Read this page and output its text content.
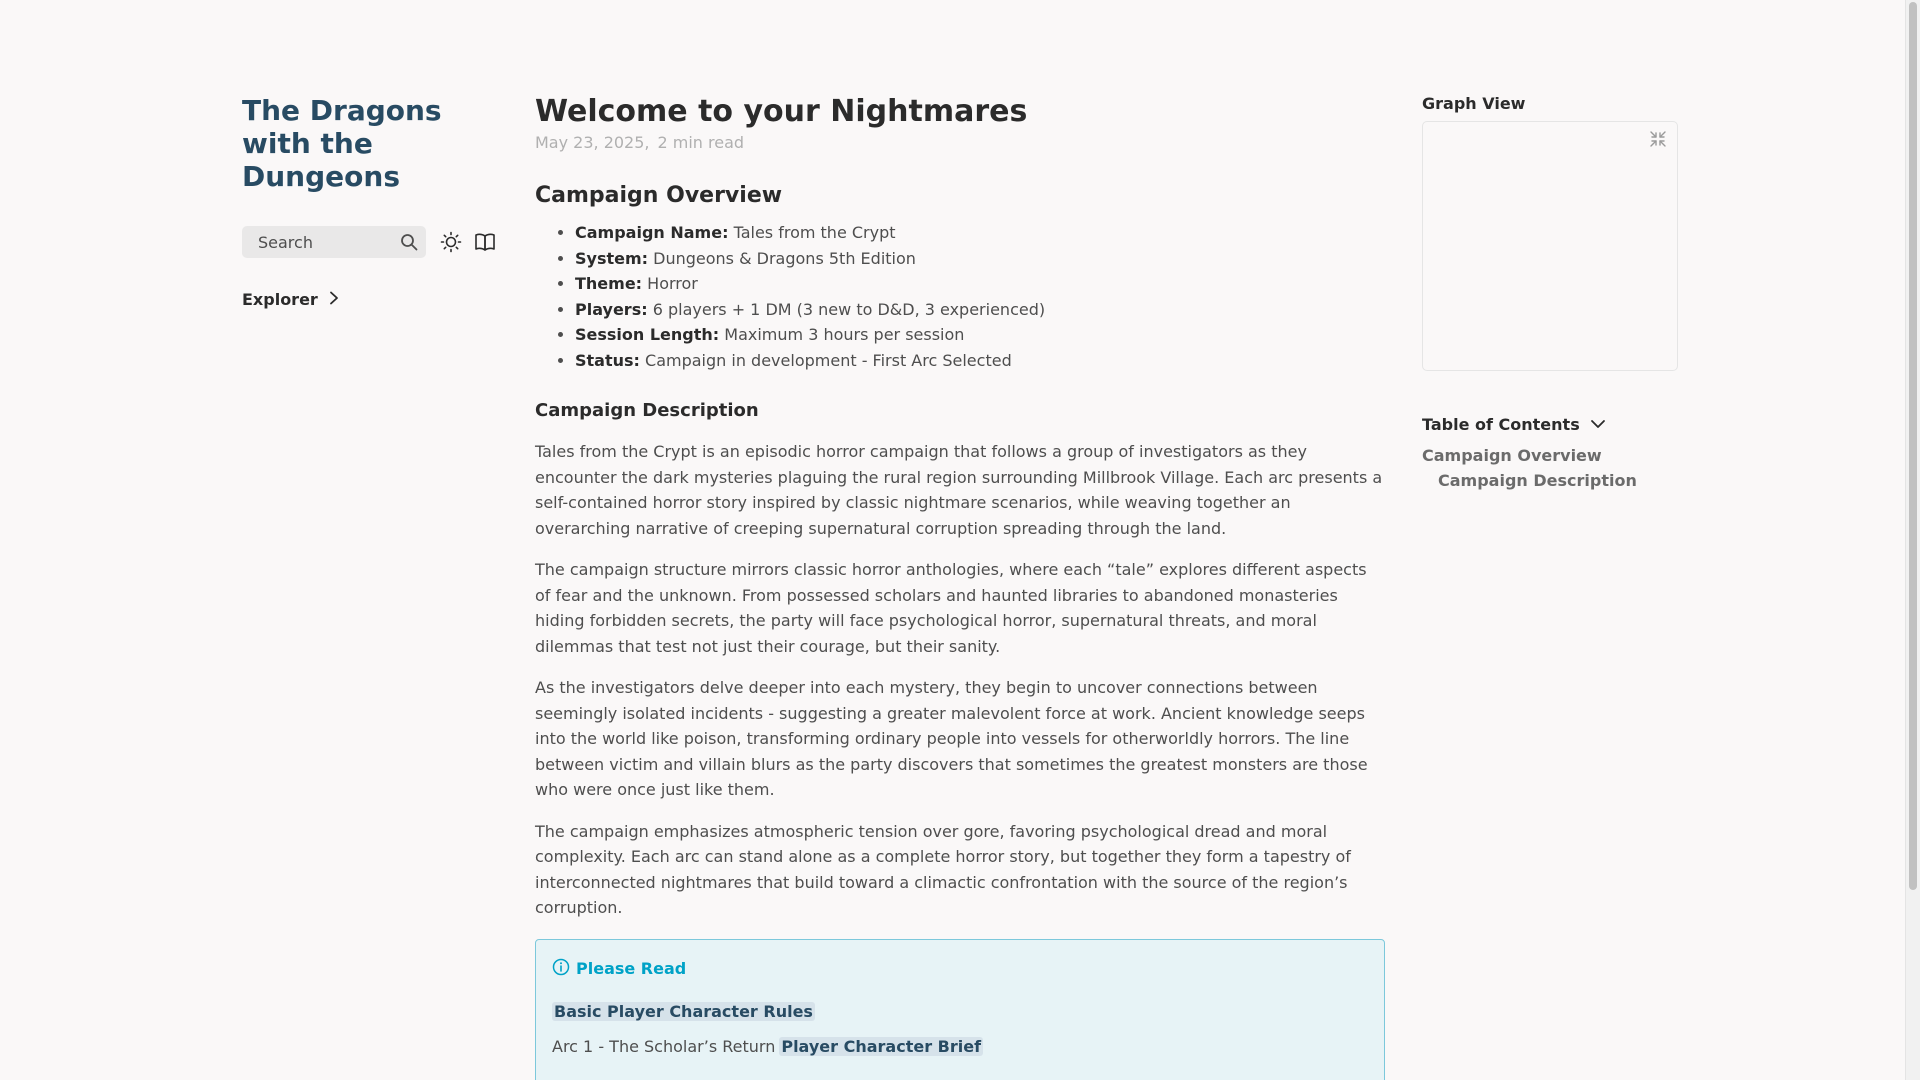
The Dragons with the Dungeons
Search
Explorer
Welcome to your Nightmares
May 23, 2025, 2 min read
Campaign Overview
• Campaign Name: Tales from the Crypt
• System: Dungeons & Dragons 5th Edition
• Theme: Horror
• Players: 6 players + 1 DM (3 new to D&D, 3 experienced)
• Session Length: Maximum 3 hours per session
• Status: Campaign in development - First Arc Selected
Campaign Description

Tales from the Crypt is an episodic horror campaign that follows a group of investigators as they encounter the dark mysteries plaguing the rural region surrounding Millbrook Village. Each arc presents a self-contained horror story inspired by classic nightmare scenarios, while weaving together an overarching narrative of creeping supernatural corruption spreading through the land.

The campaign structure mirrors classic horror anthologies, where each “tale” explores different aspects of fear and the unknown. From possessed scholars and haunted libraries to abandoned monasteries hiding forbidden secrets, the party will face psychological horror, supernatural threats, and moral dilemmas that test not just their courage, but their sanity.

As the investigators delve deeper into each mystery, they begin to uncover connections between seemingly isolated incidents - suggesting a greater malevolent force at work. Ancient knowledge seeps into the world like poison, transforming ordinary people into vessels for otherworldly horrors. The line between victim and villain blurs as the party discovers that sometimes the greatest monsters are those who were once just like them.

The campaign emphasizes atmospheric tension over gore, favoring psychological dread and moral complexity. Each arc can stand alone as a complete horror story, but together they form a tapestry of interconnected nightmares that build toward a climactic confrontation with the source of the region’s corruption.

Please Read
Basic Player Character Rules
Arc 1 - The Scholar’s Return Player Character Brief
Graph View
Table of Contents
Campaign Overview
Campaign Description
